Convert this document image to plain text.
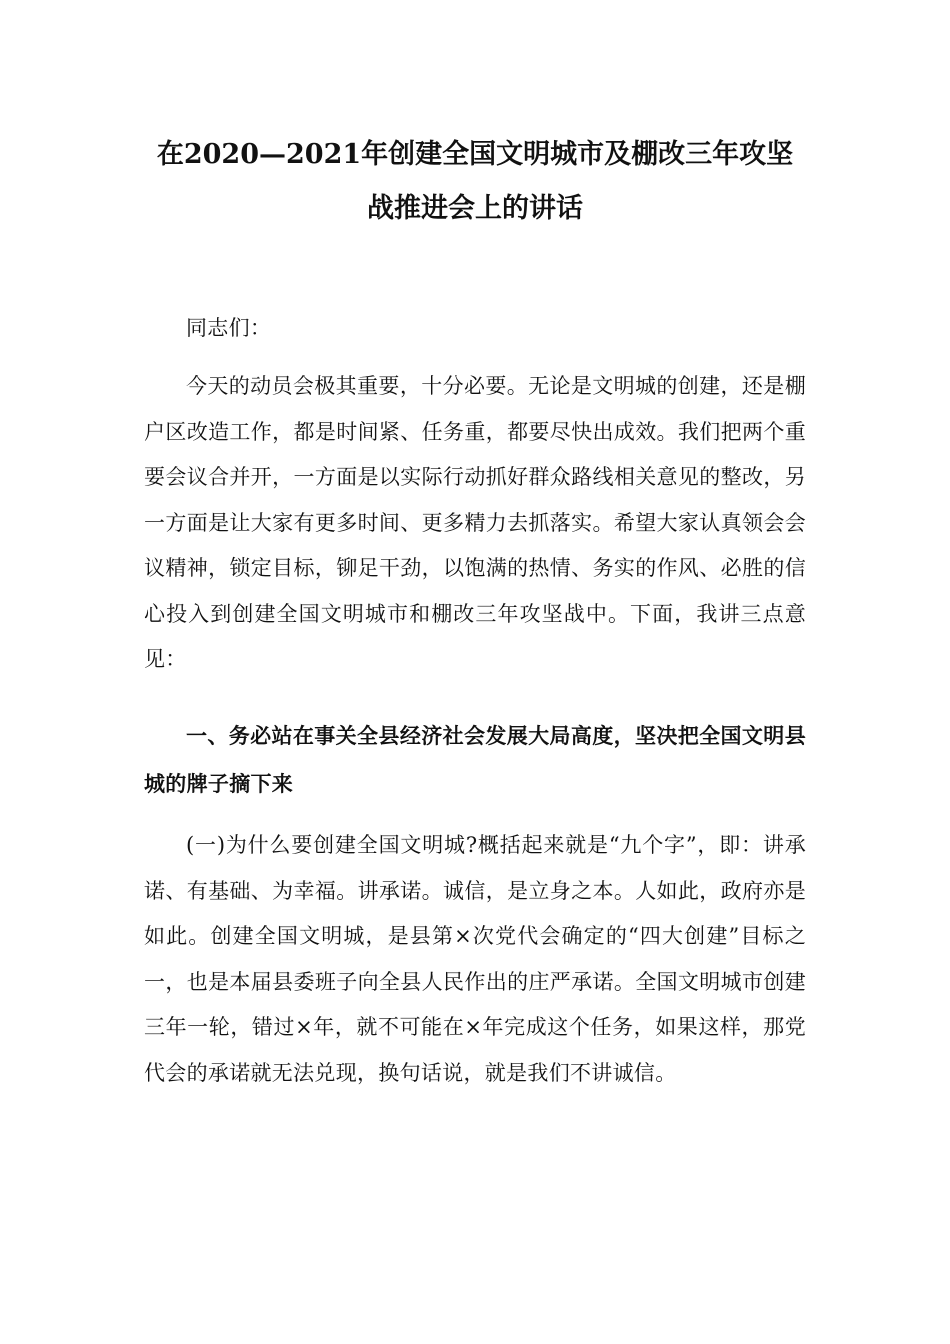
在2020—2021年创建全国文明城市及棚改三年攻坚
战推进会上的讲话

同志们：

今天的动员会极其重要，十分必要。无论是文明城的创建，还是棚户区改造工作，都是时间紧、任务重，都要尽快出成效。我们把两个重要会议合并开，一方面是以实际行动抓好群众路线相关意见的整改，另一方面是让大家有更多时间、更多精力去抓落实。希望大家认真领会会议精神，锁定目标，铆足干劲，以饱满的热情、务实的作风、必胜的信心投入到创建全国文明城市和棚改三年攻坚战中。下面，我讲三点意见：

一、务必站在事关全县经济社会发展大局高度，坚决把全国文明县城的牌子摘下来

(一)为什么要创建全国文明城?概括起来就是“九个字”，即：讲承诺、有基础、为幸福。讲承诺。诚信，是立身之本。人如此，政府亦是如此。创建全国文明城，是县第×次党代会确定的“四大创建”目标之一，也是本届县委班子向全县人民作出的庄严承诺。全国文明城市创建三年一轮，错过×年，就不可能在×年完成这个任务，如果这样，那党代会的承诺就无法兑现，换句话说，就是我们不讲诚信。
